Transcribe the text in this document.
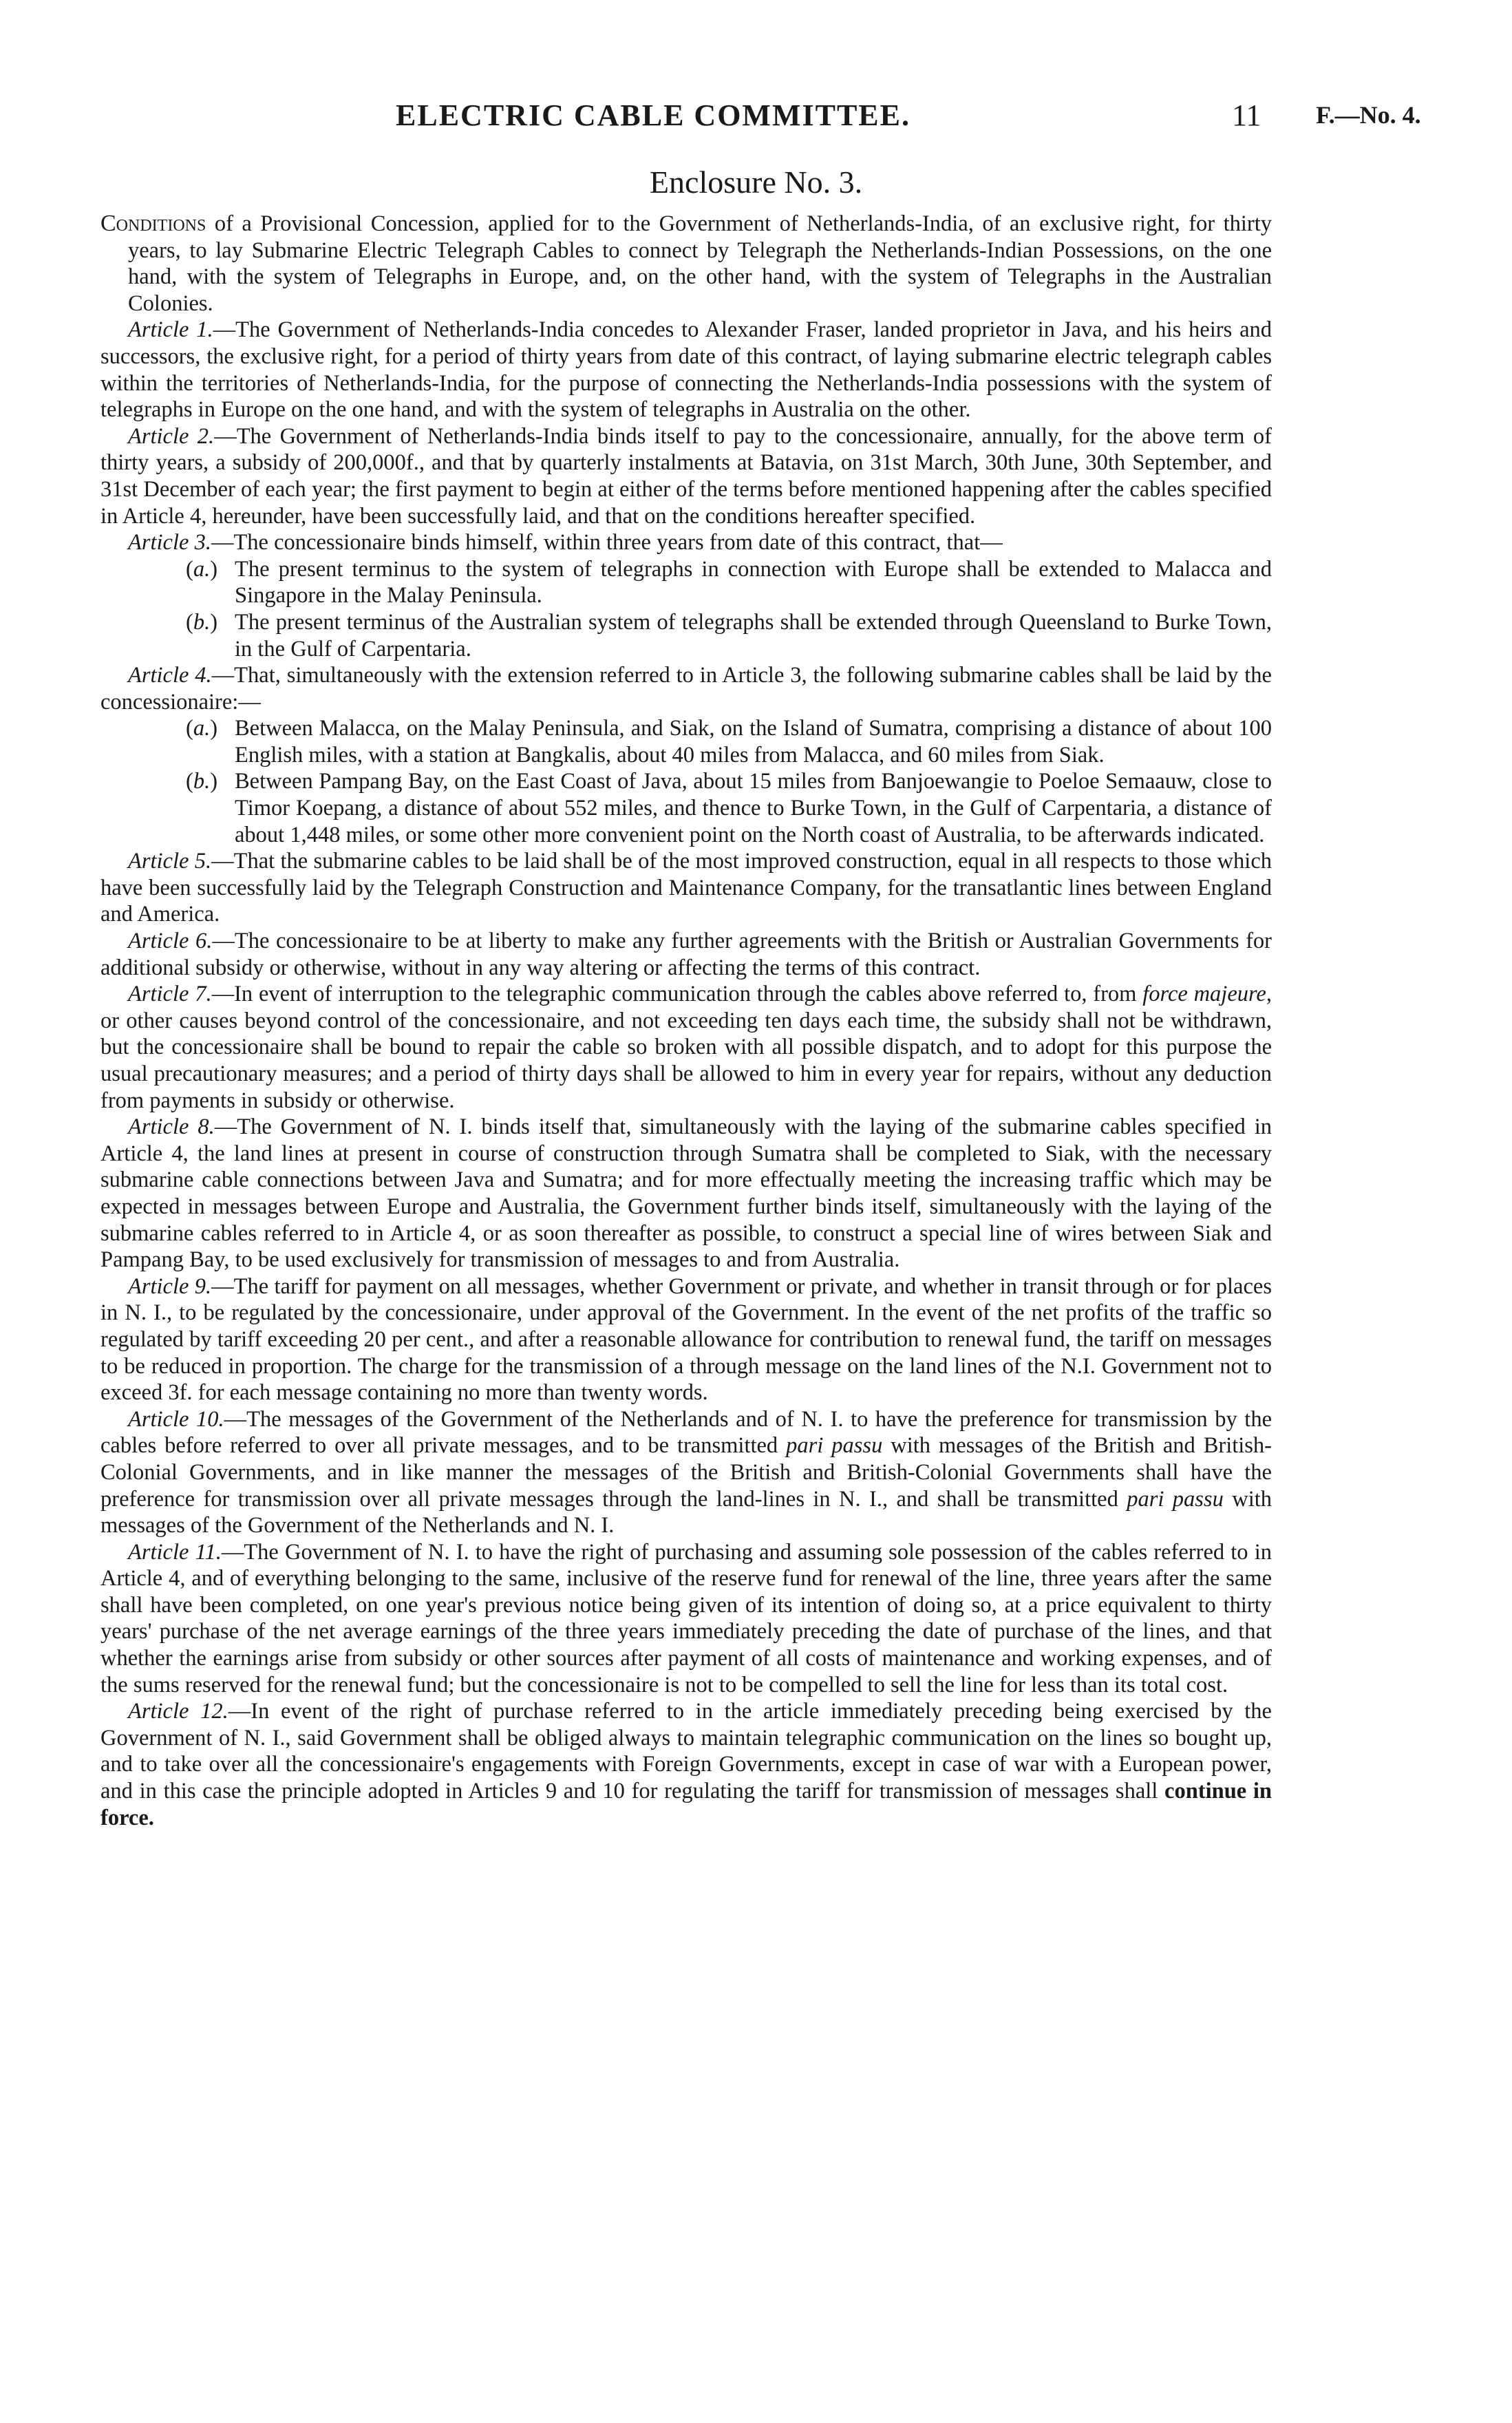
ELECTRIC CABLE COMMITTEE.	11 F.—No. 4.
Enclosure No. 3.

Conditions of a Provisional Concession, applied for to the Government of Netherlands-India, of an exclusive right, for thirty years, to lay Submarine Electric Telegraph Cables to connect by Telegraph the Netherlands-Indian Possessions, on the one hand, with the system of Telegraphs in Europe, and, on the other hand, with the system of Telegraphs in the Australian Colonies.

Article 1.—The Government of Netherlands-India concedes to Alexander Fraser, landed proprietor in Java, and his heirs and successors, the exclusive right, for a period of thirty years from date of this contract, of laying submarine electric telegraph cables within the territories of Netherlands-India, for the purpose of connecting the Netherlands-India possessions with the system of telegraphs in Europe on the one hand, and with the system of telegraphs in Australia on the other.

Article 2.—The Government of Netherlands-India binds itself to pay to the concessionaire, annually, for the above term of thirty years, a subsidy of 200,000f., and that by quarterly instalments at Batavia, on 31st March, 30th June, 30th September, and 31st December of each year; the first payment to begin at either of the terms before mentioned happening after the cables specified in Article 4, hereunder, have been successfully laid, and that on the conditions hereafter specified.

Article 3.—The concessionaire binds himself, within three years from date of this contract, that—

(a.) The present terminus to the system of telegraphs in connection with Europe shall be extended to Malacca and Singapore in the Malay Peninsula.

(b.) The present terminus of the Australian system of telegraphs shall be extended through Queensland to Burke Town, in the Gulf of Carpentaria.

Article 4.—That, simultaneously with the extension referred to in Article 3, the following submarine cables shall be laid by the concessionaire:—

(a.) Between Malacca, on the Malay Peninsula, and Siak, on the Island of Sumatra, comprising a distance of about 100 English miles, with a station at Bangkalis, about 40 miles from Malacca, and 60 miles from Siak.

(b.) Between Pampang Bay, on the East Coast of Java, about 15 miles from Banjoewangie to Poeloe Semaauw, close to Timor Koepang, a distance of about 552 miles, and thence to Burke Town, in the Gulf of Carpentaria, a distance of about 1,448 miles, or some other more convenient point on the North coast of Australia, to be afterwards indicated.

Article 5.—That the submarine cables to be laid shall be of the most improved construction, equal in all respects to those which have been successfully laid by the Telegraph Construction and Maintenance Company, for the transatlantic lines between England and America.

Article 6.—The concessionaire to be at liberty to make any further agreements with the British or Australian Governments for additional subsidy or otherwise, without in any way altering or affecting the terms of this contract.

Article 7.—In event of interruption to the telegraphic communication through the cables above referred to, from force majeure, or other causes beyond control of the concessionaire, and not exceeding ten days each time, the subsidy shall not be withdrawn, but the concessionaire shall be bound to repair the cable so broken with all possible dispatch, and to adopt for this purpose the usual precautionary measures; and a period of thirty days shall be allowed to him in every year for repairs, without any deduction from payments in subsidy or otherwise.

Article 8.—The Government of N. I. binds itself that, simultaneously with the laying of the submarine cables specified in Article 4, the land lines at present in course of construction through Sumatra shall be completed to Siak, with the necessary submarine cable connections between Java and Sumatra; and for more effectually meeting the increasing traffic which may be expected in messages between Europe and Australia, the Government further binds itself, simultaneously with the laying of the submarine cables referred to in Article 4, or as soon thereafter as possible, to construct a special line of wires between Siak and Pampang Bay, to be used exclusively for transmission of messages to and from Australia.

Article 9.—The tariff for payment on all messages, whether Government or private, and whether in transit through or for places in N. I., to be regulated by the concessionaire, under approval of the Government. In the event of the net profits of the traffic so regulated by tariff exceeding 20 per cent., and after a reasonable allowance for contribution to renewal fund, the tariff on messages to be reduced in proportion. The charge for the transmission of a through message on the land lines of the N.I. Government not to exceed 3f. for each message containing no more than twenty words.

Article 10.—The messages of the Government of the Netherlands and of N. I. to have the preference for transmission by the cables before referred to over all private messages, and to be transmitted pari passu with messages of the British and British-Colonial Governments, and in like manner the messages of the British and British-Colonial Governments shall have the preference for transmission over all private messages through the land-lines in N. I., and shall be transmitted pari passu with messages of the Government of the Netherlands and N. I.

Article 11.—The Government of N. I. to have the right of purchasing and assuming sole possession of the cables referred to in Article 4, and of everything belonging to the same, inclusive of the reserve fund for renewal of the line, three years after the same shall have been completed, on one year's previous notice being given of its intention of doing so, at a price equivalent to thirty years' purchase of the net average earnings of the three years immediately preceding the date of purchase of the lines, and that whether the earnings arise from subsidy or other sources after payment of all costs of maintenance and working expenses, and of the sums reserved for the renewal fund; but the concessionaire is not to be compelled to sell the line for less than its total cost.

Article 12.—In event of the right of purchase referred to in the article immediately preceding being exercised by the Government of N. I., said Government shall be obliged always to maintain telegraphic communication on the lines so bought up, and to take over all the concessionaire's engagements with Foreign Governments, except in case of war with a European power, and in this case the principle adopted in Articles 9 and 10 for regulating the tariff for transmission of messages shall continue in force.
